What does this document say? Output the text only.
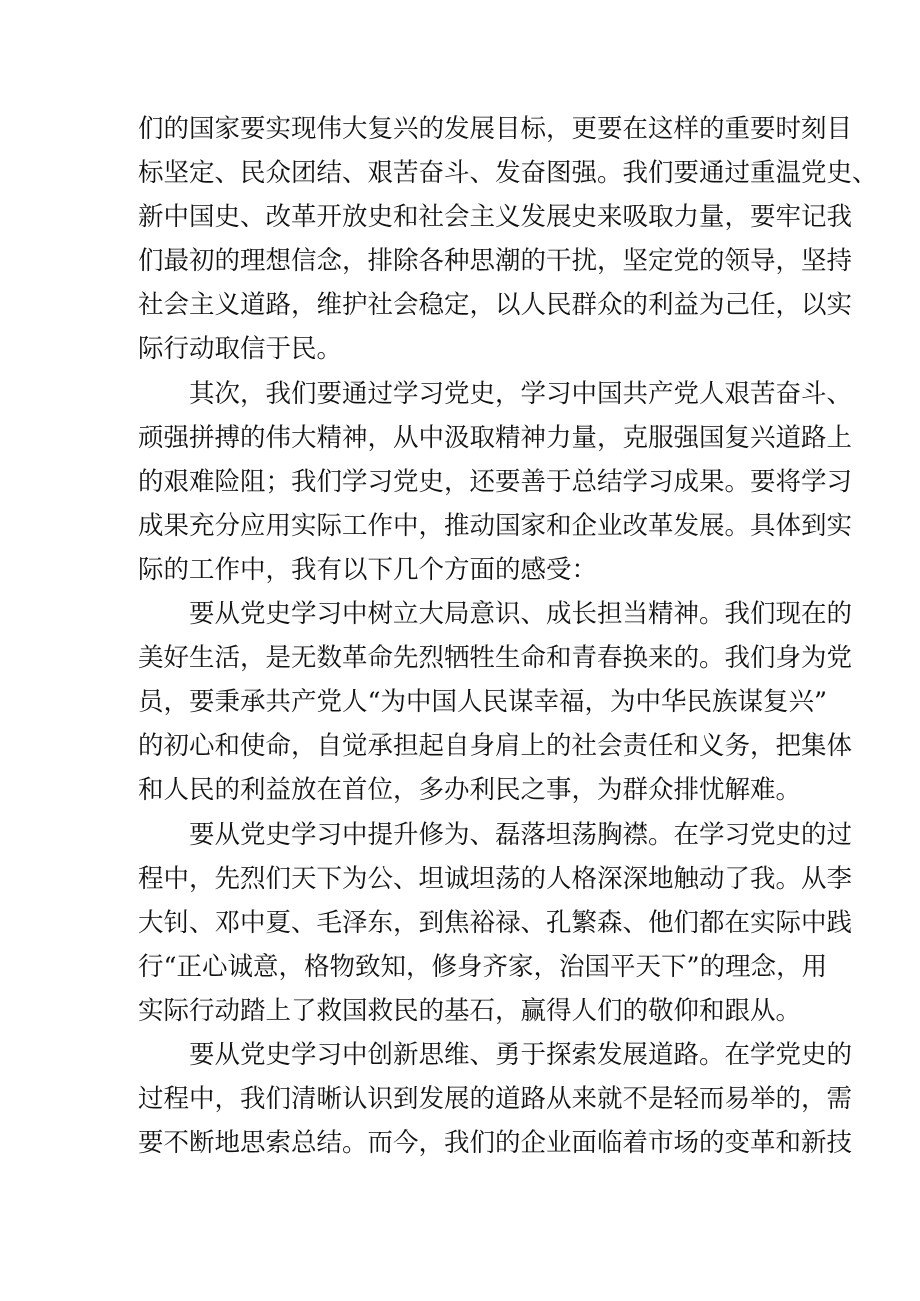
们的国家要实现伟大复兴的发展目标，更要在这样的重要时刻目
标坚定、民众团结、艰苦奋斗、发奋图强。我们要通过重温党史、
新中国史、改革开放史和社会主义发展史来吸取力量，要牢记我
们最初的理想信念，排除各种思潮的干扰，坚定党的领导，坚持
社会主义道路，维护社会稳定，以人民群众的利益为己任，以实
际行动取信于民。
　　其次，我们要通过学习党史，学习中国共产党人艰苦奋斗、
顽强拼搏的伟大精神，从中汲取精神力量，克服强国复兴道路上
的艰难险阻；我们学习党史，还要善于总结学习成果。要将学习
成果充分应用实际工作中，推动国家和企业改革发展。具体到实
际的工作中，我有以下几个方面的感受：
　　要从党史学习中树立大局意识、成长担当精神。我们现在的
美好生活，是无数革命先烈牺牲生命和青春换来的。我们身为党
员，要秉承共产党人“为中国人民谋幸福，为中华民族谋复兴”
的初心和使命，自觉承担起自身肩上的社会责任和义务，把集体
和人民的利益放在首位，多办利民之事，为群众排忧解难。
　　要从党史学习中提升修为、磊落坦荡胸襟。在学习党史的过
程中，先烈们天下为公、坦诚坦荡的人格深深地触动了我。从李
大钊、邓中夏、毛泽东，到焦裕禄、孔繁森、他们都在实际中践
行“正心诚意，格物致知，修身齐家，治国平天下”的理念，用
实际行动踏上了救国救民的基石，赢得人们的敬仰和跟从。
　　要从党史学习中创新思维、勇于探索发展道路。在学党史的
过程中，我们清晰认识到发展的道路从来就不是轻而易举的，需
要不断地思索总结。而今，我们的企业面临着市场的变革和新技
